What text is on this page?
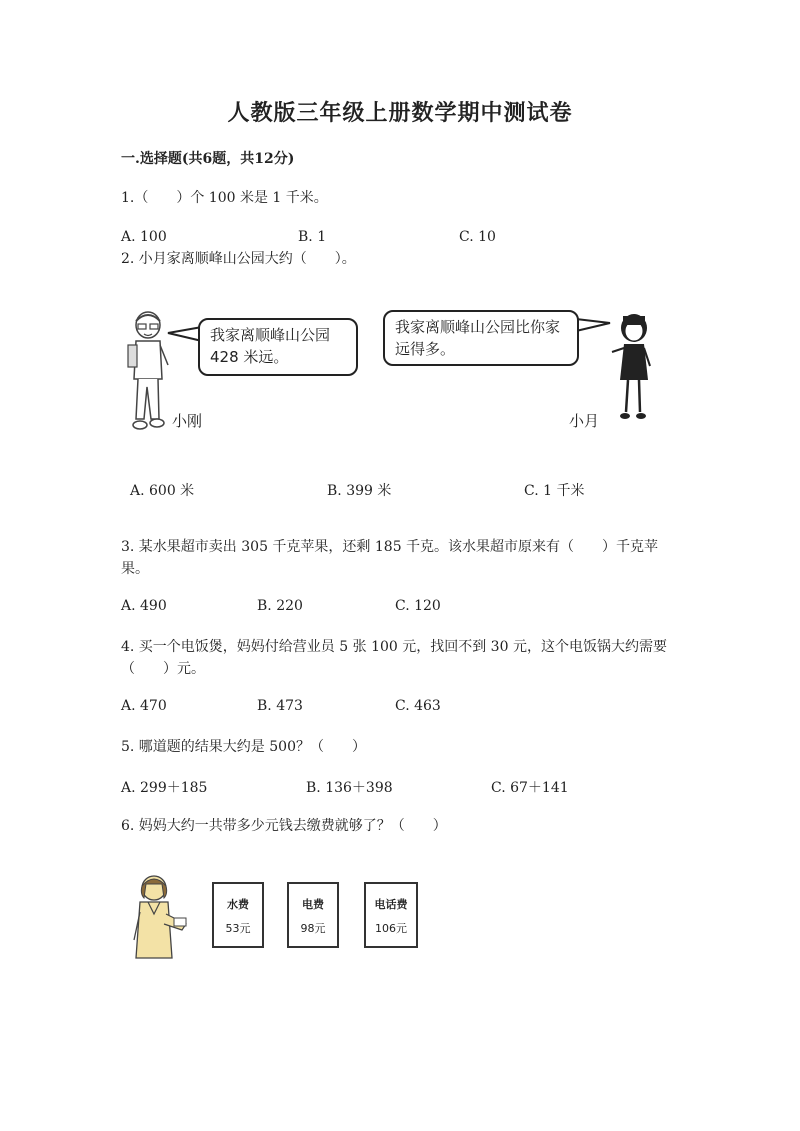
人教版三年级上册数学期中测试卷
一.选择题(共6题，共12分)
1.（　　）个 100 米是 1 千米。
A. 100	B. 1	C. 10
2. 小月家离顺峰山公园大约（　　）。
我家离顺峰山公园428 米远。
我家离顺峰山公园比你家远得多。
小刚	小月
A. 600 米	B. 399 米	C. 1 千米
3. 某水果超市卖出 305 千克苹果，还剩 185 千克。该水果超市原来有（　　）千克苹果。
A. 490	B. 220	C. 120
4. 买一个电饭煲，妈妈付给营业员 5 张 100 元，找回不到 30 元，这个电饭锅大约需要（　　）元。
A. 470	B. 473	C. 463
5. 哪道题的结果大约是 500？（　　）
A. 299＋185	B. 136＋398	C. 67＋141
6. 妈妈大约一共带多少元钱去缴费就够了？（　　）
水费
53元
电费
98元
电话费
106元
